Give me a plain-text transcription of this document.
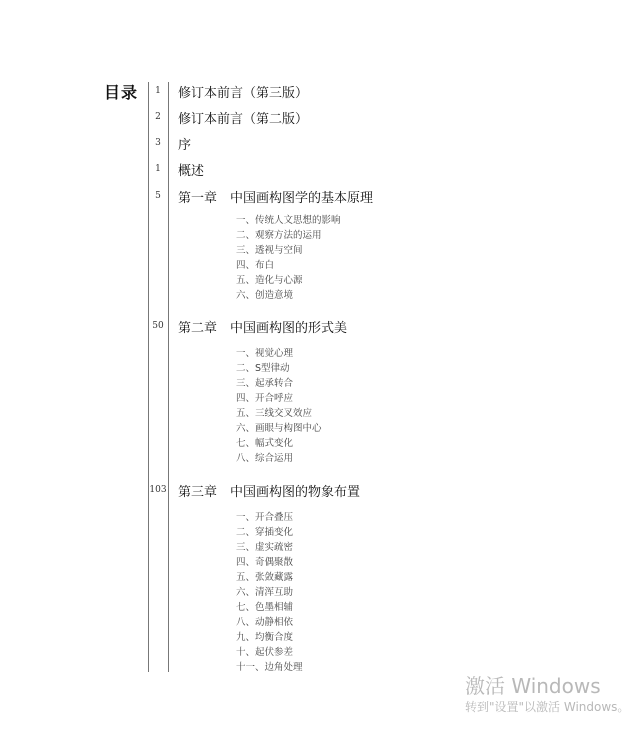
目录	1	修订本前言（第三版）
2	修订本前言（第二版）
3	序
1	概述
5	第一章 中国画构图学的基本原理
一、传统人文思想的影响
二、观察方法的运用
三、透视与空间
四、布白
五、造化与心源
六、创造意境
50	第二章 中国画构图的形式美
一、视觉心理
二、S型律动
三、起承转合
四、开合呼应
五、三线交叉效应
六、画眼与构图中心
七、幅式变化
八、综合运用
103 第三章 中国画构图的物象布置
一、开合叠压
二、穿插变化
三、虚实疏密
四、奇偶聚散
五、张敛藏露
六、清浑互助
七、色墨相辅
八、动静相依
九、均衡合度
十、起伏参差
十一、边角处理
激活 Windows
转到"设置"以激活 Windows。
